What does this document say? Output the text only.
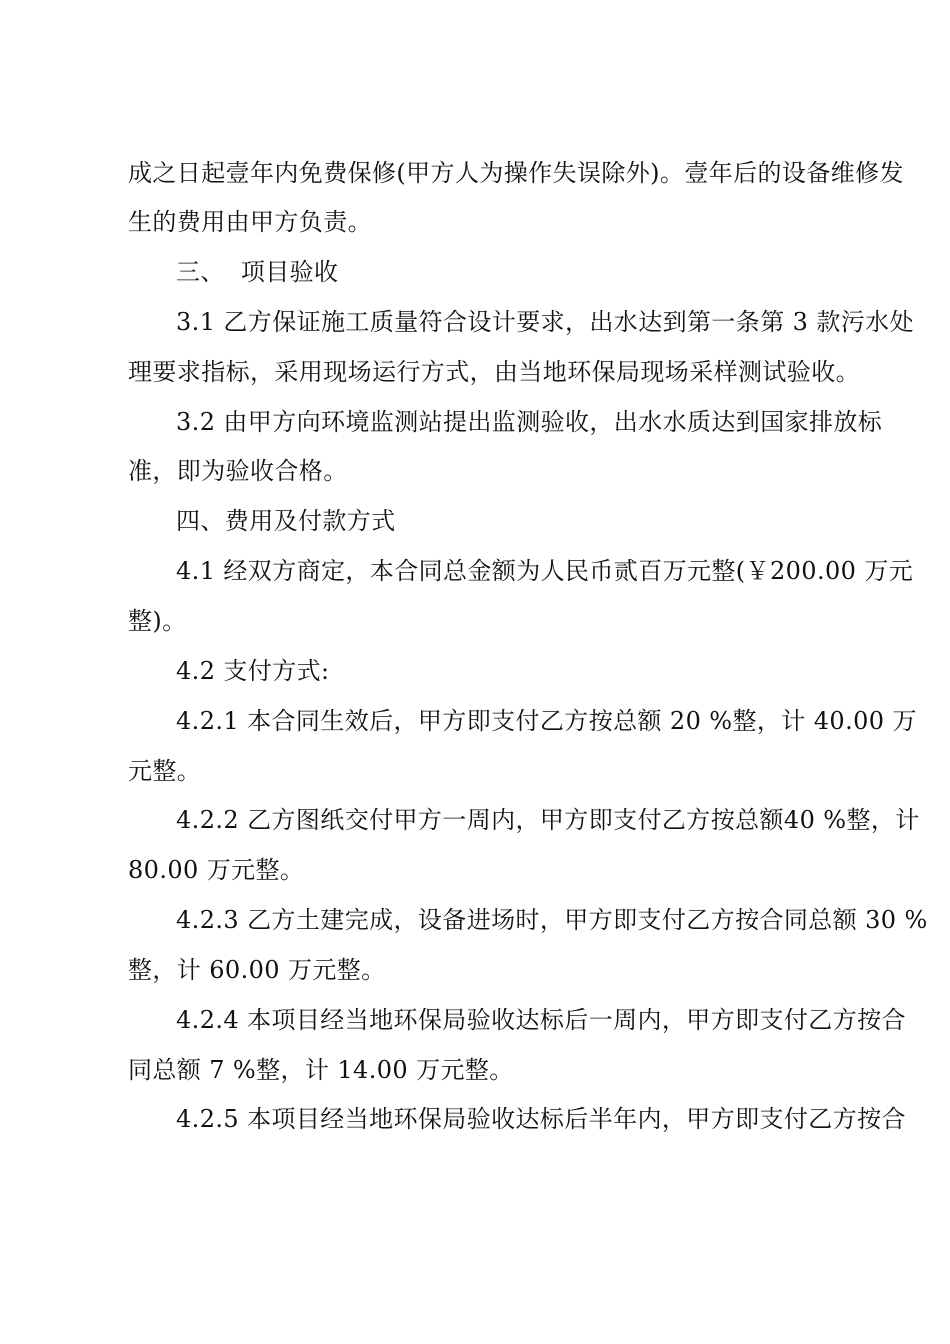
成之日起壹年内免费保修(甲方人为操作失误除外)。壹年后的设备维修发
生的费用由甲方负责。
三、  项目验收
3.1 乙方保证施工质量符合设计要求，出水达到第一条第 3 款污水处
理要求指标，采用现场运行方式，由当地环保局现场采样测试验收。
3.2 由甲方向环境监测站提出监测验收，出水水质达到国家排放标
准，即为验收合格。
四、费用及付款方式
4.1 经双方商定，本合同总金额为人民币贰百万元整(￥200.00 万元
整)。
4.2 支付方式:
4.2.1 本合同生效后，甲方即支付乙方按总额 20 %整，计 40.00 万
元整。
4.2.2 乙方图纸交付甲方一周内，甲方即支付乙方按总额40 %整，计
80.00 万元整。
4.2.3 乙方土建完成，设备进场时，甲方即支付乙方按合同总额 30 %
整，计 60.00 万元整。
4.2.4 本项目经当地环保局验收达标后一周内，甲方即支付乙方按合
同总额 7 %整，计 14.00 万元整。
4.2.5 本项目经当地环保局验收达标后半年内，甲方即支付乙方按合
